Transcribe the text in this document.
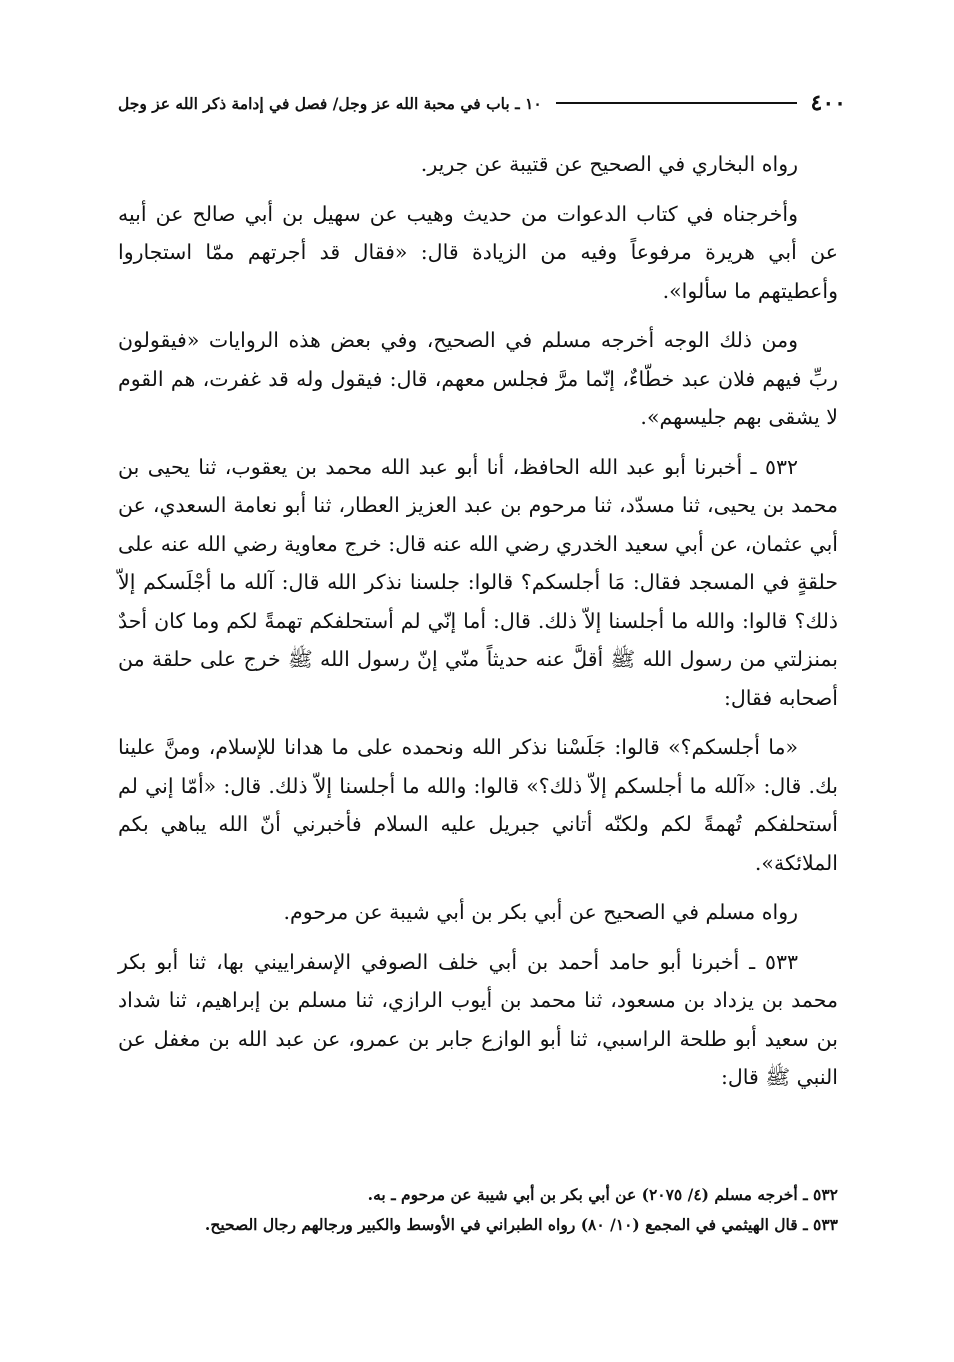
٤٠٠
١٠ ـ باب في محبة الله عز وجل/ فصل في إدامة ذكر الله عز وجل

رواه البخاري في الصحيح عن قتيبة عن جرير.

وأخرجناه في كتاب الدعوات من حديث وهيب عن سهيل بن أبي صالح عن أبيه عن أبي هريرة مرفوعاً وفيه من الزيادة قال: «فقال قد أجرتهم ممّا استجاروا وأعطيتهم ما سألوا».

ومن ذلك الوجه أخرجه مسلم في الصحيح، وفي بعض هذه الروايات «فيقولون ربِّ فيهم فلان عبد خطّاءٌ، إنّما مرَّ فجلس معهم، قال: فيقول وله قد غفرت، هم القوم لا يشقى بهم جليسهم».

٥٣٢ ـ أخبرنا أبو عبد الله الحافظ، أنا أبو عبد الله محمد بن يعقوب، ثنا يحيى بن محمد بن يحيى، ثنا مسدّد، ثنا مرحوم بن عبد العزيز العطار، ثنا أبو نعامة السعدي، عن أبي عثمان، عن أبي سعيد الخدري رضي الله عنه قال: خرج معاوية رضي الله عنه على حلقةٍ في المسجد فقال: مَا أجلسكم؟ قالوا: جلسنا نذكر الله قال: آلله ما أجْلَسكم إلاّ ذلك؟ قالوا: والله ما أجلسنا إلاّ ذلك. قال: أما إنّي لم أستحلفكم تهمةً لكم وما كان أحدٌ بمنزلتي من رسول الله ﷺ أقلَّ عنه حديثاً منّي إنّ رسول الله ﷺ خرج على حلقة من أصحابه فقال:

«ما أجلسكم؟» قالوا: جَلَسْنا نذكر الله ونحمده على ما هدانا للإسلام، ومنَّ علينا بك. قال: «آلله ما أجلسكم إلاّ ذلك؟» قالوا: والله ما أجلسنا إلاّ ذلك. قال: «أمّا إني لم أستحلفكم تُهمةً لكم ولكنّه أتاني جبريل عليه السلام فأخبرني أنّ الله يباهي بكم الملائكة».

رواه مسلم في الصحيح عن أبي بكر بن أبي شيبة عن مرحوم.

٥٣٣ ـ أخبرنا أبو حامد أحمد بن أبي خلف الصوفي الإسفراييني بها، ثنا أبو بكر محمد بن يزداد بن مسعود، ثنا محمد بن أيوب الرازي، ثنا مسلم بن إبراهيم، ثنا شداد بن سعيد أبو طلحة الراسبي، ثنا أبو الوازع جابر بن عمرو، عن عبد الله بن مغفل عن النبي ﷺ قال:

٥٣٢ ـ أخرجه مسلم (٤/ ٢٠٧٥) عن أبي بكر بن أبي شيبة عن مرحوم ـ به.

٥٣٣ ـ قال الهيثمي في المجمع (١٠/ ٨٠) رواه الطبراني في الأوسط والكبير ورجالهم رجال الصحيح.
